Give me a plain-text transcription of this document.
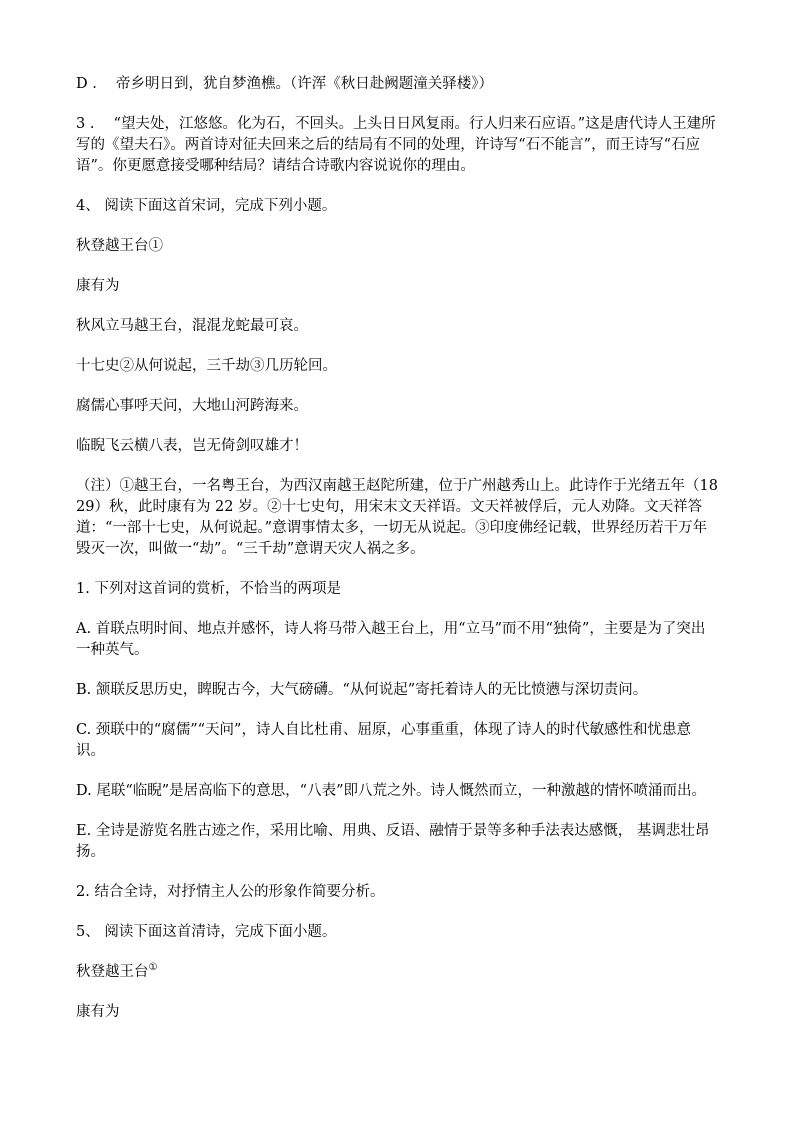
D .　 帝乡明日到，犹自梦渔樵。（许浑《秋日赴阙题潼关驿楼》）

3 .　 “望夫处，江悠悠。化为石，不回头。上头日日风复雨。行人归来石应语。”这是唐代诗人王建所写的《望夫石》。两首诗对征夫回来之后的结局有不同的处理，许诗写“石不能言”，而王诗写“石应语”。你更愿意接受哪种结局？请结合诗歌内容说说你的理由。

4、 阅读下面这首宋词，完成下列小题。

秋登越王台①

康有为

秋风立马越王台，混混龙蛇最可哀。

十七史②从何说起，三千劫③几历轮回。

腐儒心事呼天问，大地山河跨海来。

临睨飞云横八表，岂无倚剑叹雄才！

（注）①越王台，一名粤王台，为西汉南越王赵陀所建，位于广州越秀山上。此诗作于光绪五年（1829）秋，此时康有为 22 岁。②十七史句，用宋末文天祥语。文天祥被俘后，元人劝降。文天祥答道：“一部十七史，从何说起。”意谓事情太多，一切无从说起。③印度佛经记载，世界经历若干万年毁灭一次，叫做一“劫”。“三千劫”意谓天灾人祸之多。

1. 下列对这首词的赏析，不恰当的两项是

A. 首联点明时间、地点并感怀，诗人将马带入越王台上，用“立马”而不用“独倚”，主要是为了突出一种英气。

B. 颔联反思历史，睥睨古今，大气磅礴。“从何说起”寄托着诗人的无比愤懑与深切责问。

C. 颈联中的“腐儒”“天问”，诗人自比杜甫、屈原，心事重重，体现了诗人的时代敏感性和忧患意识。

D. 尾联“临睨”是居高临下的意思，“八表”即八荒之外。诗人慨然而立，一种激越的情怀喷涌而出。

E. 全诗是游览名胜古迹之作，采用比喻、用典、反语、融情于景等多种手法表达感慨， 基调悲壮昂扬。

2. 结合全诗，对抒情主人公的形象作简要分析。

5、 阅读下面这首清诗，完成下面小题。

秋登越王台①

康有为
